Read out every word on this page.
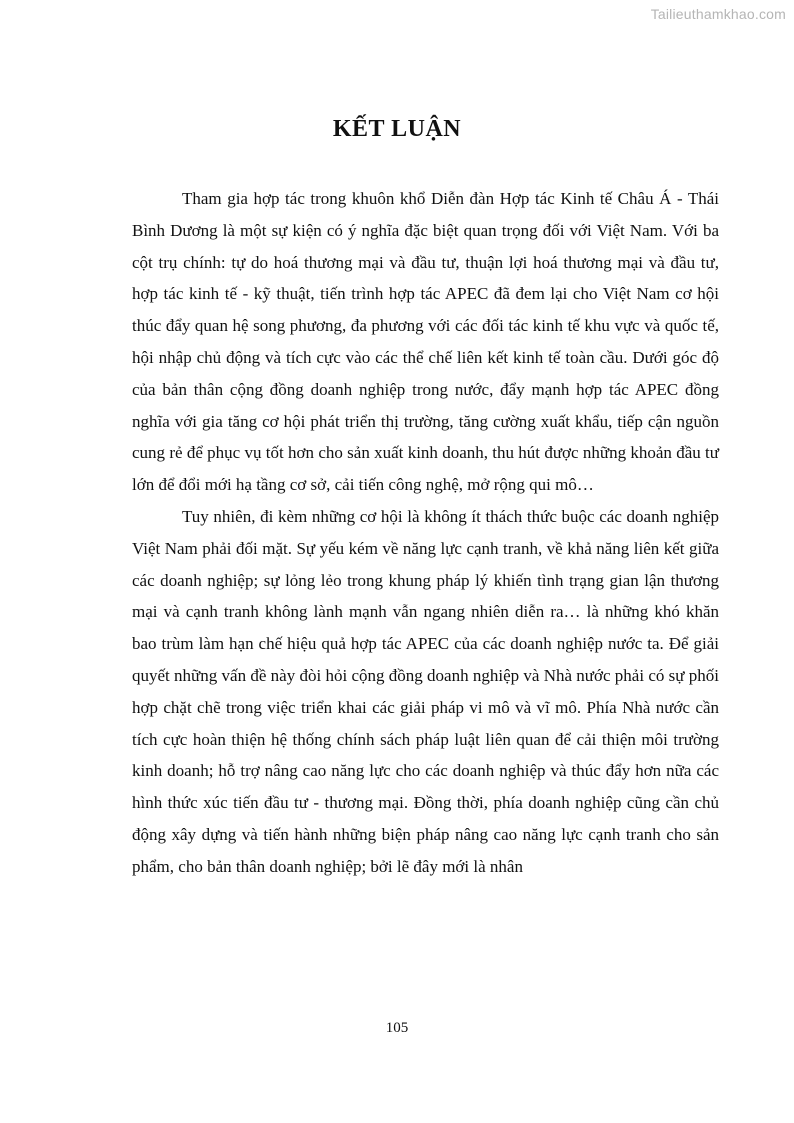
Tailieuthamkhao.com
KẾT LUẬN

Tham gia hợp tác trong khuôn khổ Diễn đàn Hợp tác Kinh tế Châu Á - Thái Bình Dương là một sự kiện có ý nghĩa đặc biệt quan trọng đối với Việt Nam. Với ba cột trụ chính: tự do hoá thương mại và đầu tư, thuận lợi hoá thương mại và đầu tư, hợp tác kinh tế - kỹ thuật, tiến trình hợp tác APEC đã đem lại cho Việt Nam cơ hội thúc đẩy quan hệ song phương, đa phương với các đối tác kinh tế khu vực và quốc tế, hội nhập chủ động và tích cực vào các thể chế liên kết kinh tế toàn cầu. Dưới góc độ của bản thân cộng đồng doanh nghiệp trong nước, đẩy mạnh hợp tác APEC đồng nghĩa với gia tăng cơ hội phát triển thị trường, tăng cường xuất khẩu, tiếp cận nguồn cung rẻ để phục vụ tốt hơn cho sản xuất kinh doanh, thu hút được những khoản đầu tư lớn để đổi mới hạ tầng cơ sở, cải tiến công nghệ, mở rộng qui mô…

Tuy nhiên, đi kèm những cơ hội là không ít thách thức buộc các doanh nghiệp Việt Nam phải đối mặt. Sự yếu kém về năng lực cạnh tranh, về khả năng liên kết giữa các doanh nghiệp; sự lỏng lẻo trong khung pháp lý khiến tình trạng gian lận thương mại và cạnh tranh không lành mạnh vẫn ngang nhiên diễn ra… là những khó khăn bao trùm làm hạn chế hiệu quả hợp tác APEC của các doanh nghiệp nước ta. Để giải quyết những vấn đề này đòi hỏi cộng đồng doanh nghiệp và Nhà nước phải có sự phối hợp chặt chẽ trong việc triển khai các giải pháp vi mô và vĩ mô. Phía Nhà nước cần tích cực hoàn thiện hệ thống chính sách pháp luật liên quan để cải thiện môi trường kinh doanh; hỗ trợ nâng cao năng lực cho các doanh nghiệp và thúc đẩy hơn nữa các hình thức xúc tiến đầu tư - thương mại. Đồng thời, phía doanh nghiệp cũng cần chủ động xây dựng và tiến hành những biện pháp nâng cao năng lực cạnh tranh cho sản phẩm, cho bản thân doanh nghiệp; bởi lẽ đây mới là nhân

105
